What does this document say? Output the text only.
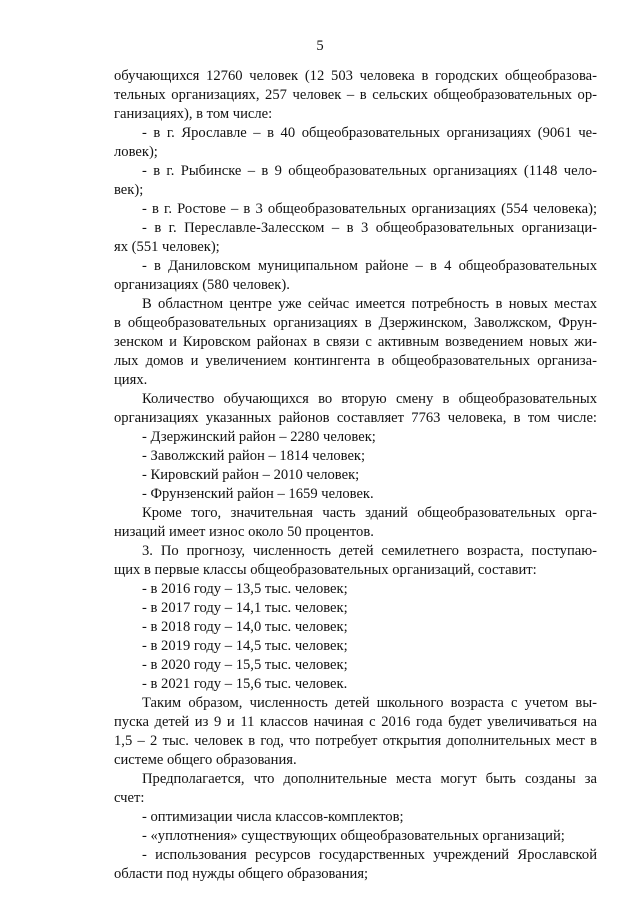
5
обучающихся 12760 человек (12 503 человека в городских общеобразова-
тельных организациях, 257 человек – в сельских общеобразовательных ор-
ганизациях), в том числе:
- в г. Ярославле – в 40 общеобразовательных организациях (9061 че-
ловек);
- в г. Рыбинске – в 9 общеобразовательных организациях (1148 чело-
век);
- в г. Ростове – в 3 общеобразовательных организациях (554 человека);
- в г. Переславле-Залесском – в 3 общеобразовательных организаци-
ях (551 человек);
- в Даниловском муниципальном районе – в 4 общеобразовательных
организациях (580 человек).
В областном центре уже сейчас имеется потребность в новых местах
в общеобразовательных организациях в Дзержинском, Заволжском, Фрун-
зенском и Кировском районах в связи с активным возведением новых жи-
лых домов и увеличением контингента в общеобразовательных организа-
циях.
Количество обучающихся во вторую смену в общеобразовательных
организациях указанных районов составляет 7763 человека, в том числе:
- Дзержинский район – 2280 человек;
- Заволжский район – 1814 человек;
- Кировский район – 2010 человек;
- Фрунзенский район – 1659 человек.
Кроме того, значительная часть зданий общеобразовательных орга-
низаций имеет износ около 50 процентов.
3. По прогнозу, численность детей семилетнего возраста, поступаю-
щих в первые классы общеобразовательных организаций, составит:
- в 2016 году – 13,5 тыс. человек;
- в 2017 году – 14,1 тыс. человек;
- в 2018 году – 14,0 тыс. человек;
- в 2019 году – 14,5 тыс. человек;
- в 2020 году – 15,5 тыс. человек;
- в 2021 году – 15,6 тыс. человек.
Таким образом, численность детей школьного возраста с учетом вы-
пуска детей из 9 и 11 классов начиная с 2016 года будет увеличиваться на
1,5 – 2 тыс. человек в год, что потребует открытия дополнительных мест в
системе общего образования.
Предполагается, что дополнительные места могут быть созданы за
счет:
- оптимизации числа классов-комплектов;
- «уплотнения» существующих общеобразовательных организаций;
- использования ресурсов государственных учреждений Ярославской
области под нужды общего образования;
